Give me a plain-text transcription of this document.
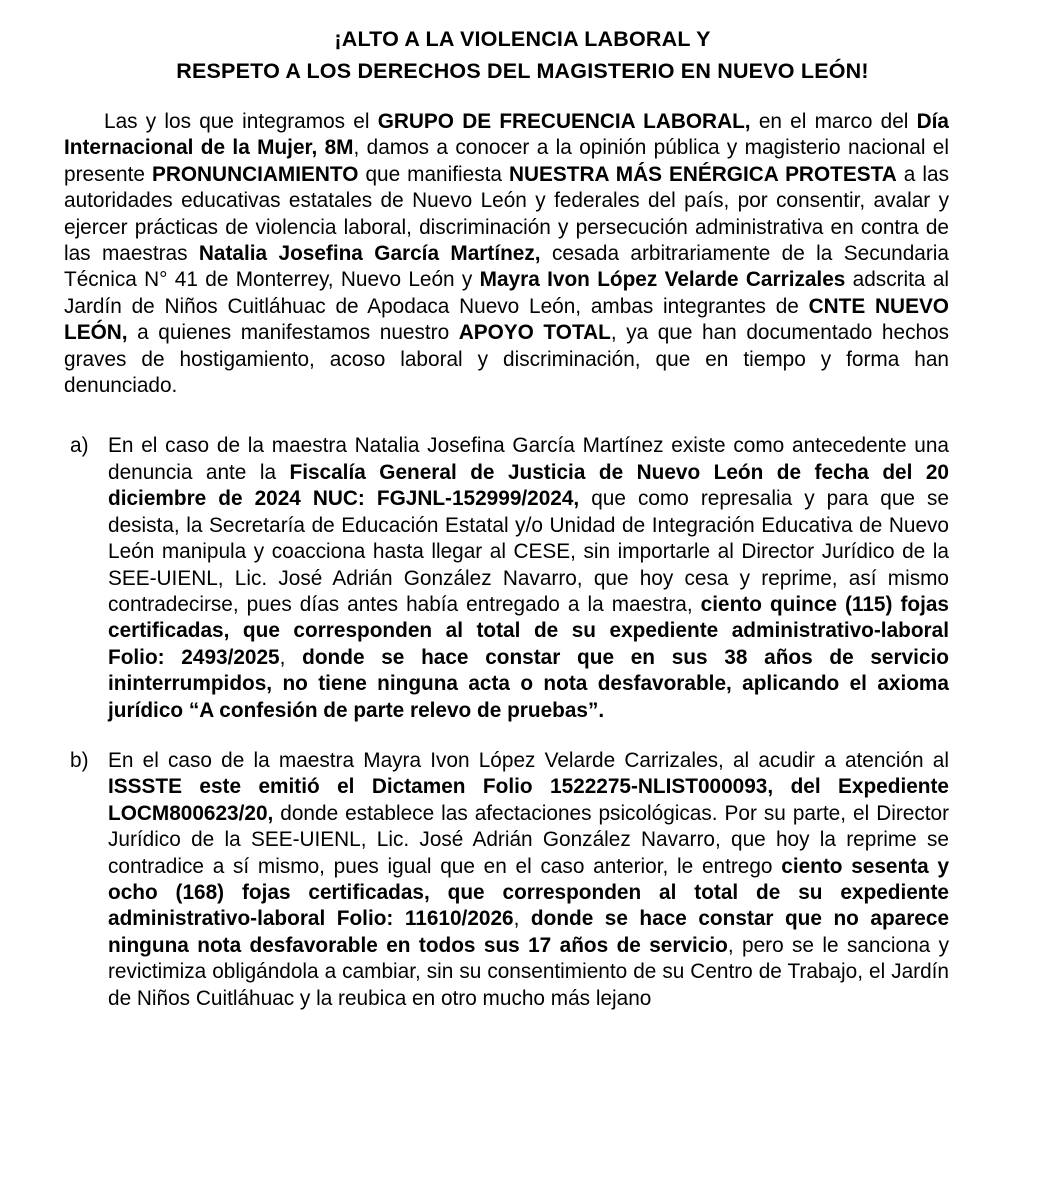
¡ALTO A LA VIOLENCIA LABORAL Y
RESPETO A LOS DERECHOS DEL MAGISTERIO EN NUEVO LEÓN!

Las y los que integramos el GRUPO DE FRECUENCIA LABORAL, en el marco del Día Internacional de la Mujer, 8M, damos a conocer a la opinión pública y magisterio nacional el presente PRONUNCIAMIENTO que manifiesta NUESTRA MÁS ENÉRGICA PROTESTA a las autoridades educativas estatales de Nuevo León y federales del país, por consentir, avalar y ejercer prácticas de violencia laboral, discriminación y persecución administrativa en contra de las maestras Natalia Josefina García Martínez, cesada arbitrariamente de la Secundaria Técnica N° 41 de Monterrey, Nuevo León y Mayra Ivon López Velarde Carrizales adscrita al Jardín de Niños Cuitláhuac de Apodaca Nuevo León, ambas integrantes de CNTE NUEVO LEÓN, a quienes manifestamos nuestro APOYO TOTAL, ya que han documentado hechos graves de hostigamiento, acoso laboral y discriminación, que en tiempo y forma han denunciado.

a) En el caso de la maestra Natalia Josefina García Martínez existe como antecedente una denuncia ante la Fiscalía General de Justicia de Nuevo León de fecha del 20 diciembre de 2024 NUC: FGJNL-152999/2024, que como represalia y para que se desista, la Secretaría de Educación Estatal y/o Unidad de Integración Educativa de Nuevo León manipula y coacciona hasta llegar al CESE, sin importarle al Director Jurídico de la SEE-UIENL, Lic. José Adrián González Navarro, que hoy cesa y reprime, así mismo contradecirse, pues días antes había entregado a la maestra, ciento quince (115) fojas certificadas, que corresponden al total de su expediente administrativo-laboral Folio: 2493/2025, donde se hace constar que en sus 38 años de servicio ininterrumpidos, no tiene ninguna acta o nota desfavorable, aplicando el axioma jurídico “A confesión de parte relevo de pruebas”.

b) En el caso de la maestra Mayra Ivon López Velarde Carrizales, al acudir a atención al ISSSTE este emitió el Dictamen Folio 1522275-NLIST000093, del Expediente LOCM800623/20, donde establece las afectaciones psicológicas. Por su parte, el Director Jurídico de la SEE-UIENL, Lic. José Adrián González Navarro, que hoy la reprime se contradice a sí mismo, pues igual que en el caso anterior, le entrego ciento sesenta y ocho (168) fojas certificadas, que corresponden al total de su expediente administrativo-laboral Folio: 11610/2026, donde se hace constar que no aparece ninguna nota desfavorable en todos sus 17 años de servicio, pero se le sanciona y revictimiza obligándola a cambiar, sin su consentimiento de su Centro de Trabajo, el Jardín de Niños Cuitláhuac y la reubica en otro mucho más lejano
